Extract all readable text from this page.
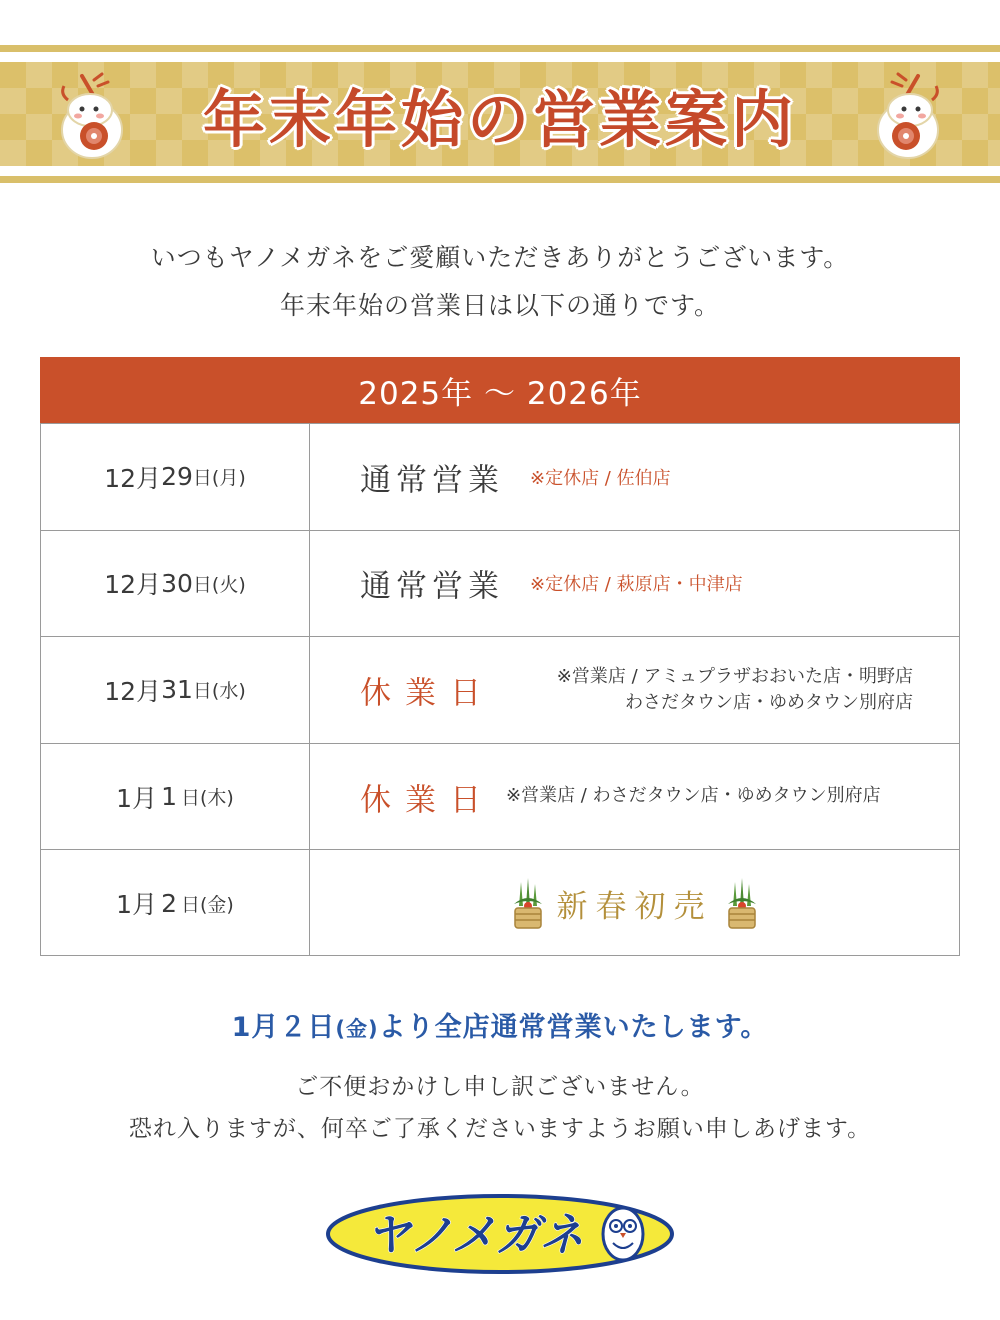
年末年始の営業案内
いつもヤノメガネをご愛顧いただきありがとうございます。
年末年始の営業日は以下の通りです。
2025年 〜 2026年
12月 29 日 (月)	通常営業 ※定休店 / 佐伯店
12月 30 日 (火)	通常営業 ※定休店 / 萩原店・中津店
12月 31 日 (水)	休業日	※営業店 / アミュプラザおおいた店・明野店
わさだタウン店・ゆめタウン別府店
1月 1 日 (木)	休業日 ※営業店 / わさだタウン店・ゆめタウン別府店
1月 2 日 (金)	新春初売
1月２日(金)より全店通常営業いたします。
ご不便おかけし申し訳ございません。
恐れ入りますが、何卒ご了承くださいますようお願い申しあげます。
ヤノメガネ
